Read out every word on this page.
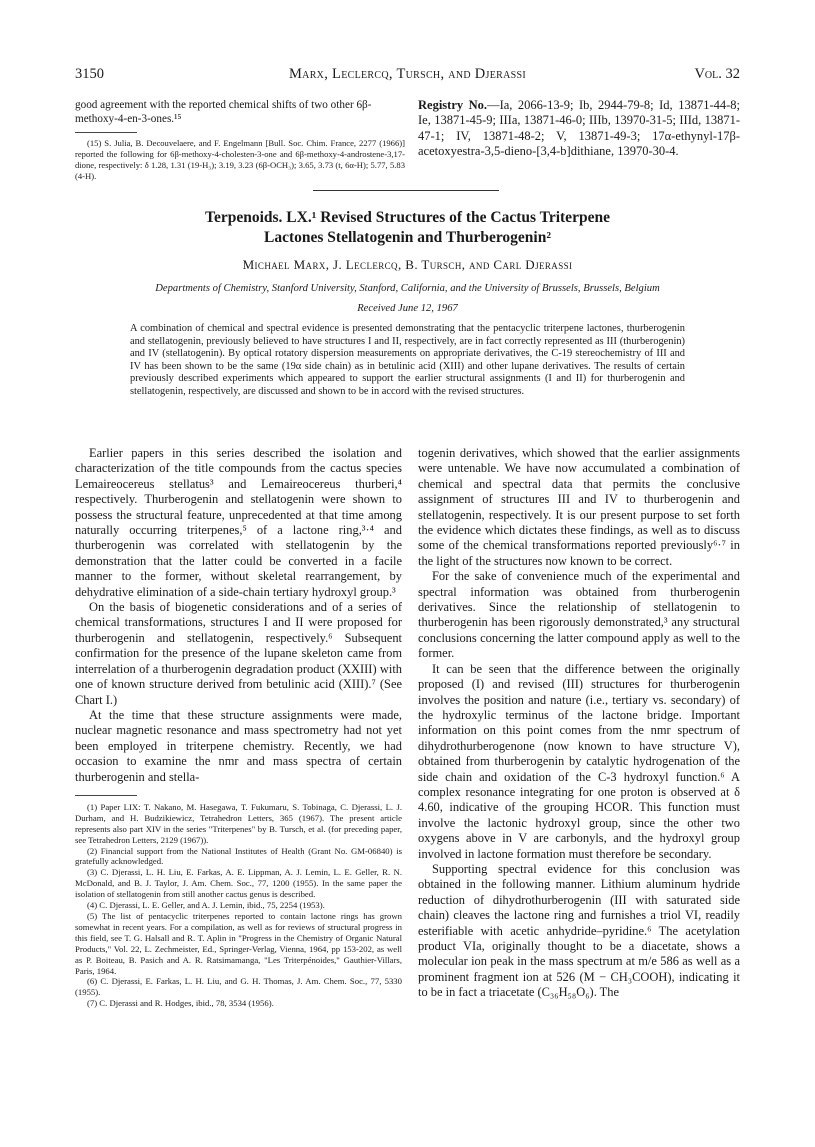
3150	Marx, Leclercq, Tursch, and Djerassi	Vol. 32

good agreement with the reported chemical shifts of two other 6β-methoxy-4-en-3-ones.¹⁵

(15) S. Julia, B. Decouvelaere, and F. Engelmann [Bull. Soc. Chim. France, 2277 (1966)] reported the following for 6β-methoxy-4-cholesten-3-one and 6β-methoxy-4-androstene-3,17-dione, respectively: δ 1.28, 1.31 (19-H₃); 3.19, 3.23 (6β-OCH₃); 3.65, 3.73 (t, 6α-H); 5.77, 5.83 (4-H).

Registry No.—Ia, 2066-13-9; Ib, 2944-79-8; Id, 13871-44-8; Ie, 13871-45-9; IIIa, 13871-46-0; IIIb, 13970-31-5; IIId, 13871-47-1; IV, 13871-48-2; V, 13871-49-3; 17α-ethynyl-17β-acetoxyestra-3,5-dieno-[3,4-b]dithiane, 13970-30-4.

Terpenoids. LX.¹ Revised Structures of the Cactus Triterpene
Lactones Stellatogenin and Thurberogenin²
Michael Marx, J. Leclercq, B. Tursch, and Carl Djerassi
Departments of Chemistry, Stanford University, Stanford, California, and the University of Brussels, Brussels, Belgium
Received June 12, 1967
A combination of chemical and spectral evidence is presented demonstrating that the pentacyclic triterpene lactones, thurberogenin and stellatogenin, previously believed to have structures I and II, respectively, are in fact correctly represented as III (thurberogenin) and IV (stellatogenin). By optical rotatory dispersion measurements on appropriate derivatives, the C-19 stereochemistry of III and IV has been shown to be the same (19α side chain) as in betulinic acid (XIII) and other lupane derivatives. The results of certain previously described experiments which appeared to support the earlier structural assignments (I and II) for thurberogenin and stellatogenin, respectively, are discussed and shown to be in accord with the revised structures.

Earlier papers in this series described the isolation and characterization of the title compounds from the cactus species Lemaireocereus stellatus³ and Lemaireocereus thurberi,⁴ respectively. Thurberogenin and stellatogenin were shown to possess the structural feature, unprecedented at that time among naturally occurring triterpenes,⁵ of a lactone ring,³·⁴ and thurberogenin was correlated with stellatogenin by the demonstration that the latter could be converted in a facile manner to the former, without skeletal rearrangement, by dehydrative elimination of a side-chain tertiary hydroxyl group.³

On the basis of biogenetic considerations and of a series of chemical transformations, structures I and II were proposed for thurberogenin and stellatogenin, respectively.⁶ Subsequent confirmation for the presence of the lupane skeleton came from interrelation of a thurberogenin degradation product (XXIII) with one of known structure derived from betulinic acid (XIII).⁷ (See Chart I.)

At the time that these structure assignments were made, nuclear magnetic resonance and mass spectrometry had not yet been employed in triterpene chemistry. Recently, we had occasion to examine the nmr and mass spectra of certain thurberogenin and stella-

(1) Paper LIX: T. Nakano, M. Hasegawa, T. Fukumaru, S. Tobinaga, C. Djerassi, L. J. Durham, and H. Budzikiewicz, Tetrahedron Letters, 365 (1967). The present article represents also part XIV in the series "Triterpenes" by B. Tursch, et al. (for preceding paper, see Tetrahedron Letters, 2129 (1967)).

(2) Financial support from the National Institutes of Health (Grant No. GM-06840) is gratefully acknowledged.

(3) C. Djerassi, L. H. Liu, E. Farkas, A. E. Lippman, A. J. Lemin, L. E. Geller, R. N. McDonald, and B. J. Taylor, J. Am. Chem. Soc., 77, 1200 (1955). In the same paper the isolation of stellatogenin from still another cactus genus is described.

(4) C. Djerassi, L. E. Geller, and A. J. Lemin, ibid., 75, 2254 (1953).

(5) The list of pentacyclic triterpenes reported to contain lactone rings has grown somewhat in recent years. For a compilation, as well as for reviews of structural progress in this field, see T. G. Halsall and R. T. Aplin in "Progress in the Chemistry of Organic Natural Products," Vol. 22, L. Zechmeister, Ed., Springer-Verlag, Vienna, 1964, pp 153-202, as well as P. Boiteau, B. Pasich and A. R. Ratsimamanga, "Les Triterpénoides," Gauthier-Villars, Paris, 1964.

(6) C. Djerassi, E. Farkas, L. H. Liu, and G. H. Thomas, J. Am. Chem. Soc., 77, 5330 (1955).

(7) C. Djerassi and R. Hodges, ibid., 78, 3534 (1956).

togenin derivatives, which showed that the earlier assignments were untenable. We have now accumulated a combination of chemical and spectral data that permits the conclusive assignment of structures III and IV to thurberogenin and stellatogenin, respectively. It is our present purpose to set forth the evidence which dictates these findings, as well as to discuss some of the chemical transformations reported previously⁶·⁷ in the light of the structures now known to be correct.

For the sake of convenience much of the experimental and spectral information was obtained from thurberogenin derivatives. Since the relationship of stellatogenin to thurberogenin has been rigorously demonstrated,³ any structural conclusions concerning the latter compound apply as well to the former.

It can be seen that the difference between the originally proposed (I) and revised (III) structures for thurberogenin involves the position and nature (i.e., tertiary vs. secondary) of the hydroxylic terminus of the lactone bridge. Important information on this point comes from the nmr spectrum of dihydrothurberogenone (now known to have structure V), obtained from thurberogenin by catalytic hydrogenation of the side chain and oxidation of the C-3 hydroxyl function.⁶ A complex resonance integrating for one proton is observed at δ 4.60, indicative of the grouping HCOR. This function must involve the lactonic hydroxyl group, since the other two oxygens above in V are carbonyls, and the hydroxyl group involved in lactone formation must therefore be secondary.

Supporting spectral evidence for this conclusion was obtained in the following manner. Lithium aluminum hydride reduction of dihydrothurberogenin (III with saturated side chain) cleaves the lactone ring and furnishes a triol VI, readily esterifiable with acetic anhydride–pyridine.⁶ The acetylation product VIa, originally thought to be a diacetate, shows a molecular ion peak in the mass spectrum at m/e 586 as well as a prominent fragment ion at 526 (M − CH₃COOH), indicating it to be in fact a triacetate (C₃₆H₅₈O₆). The
